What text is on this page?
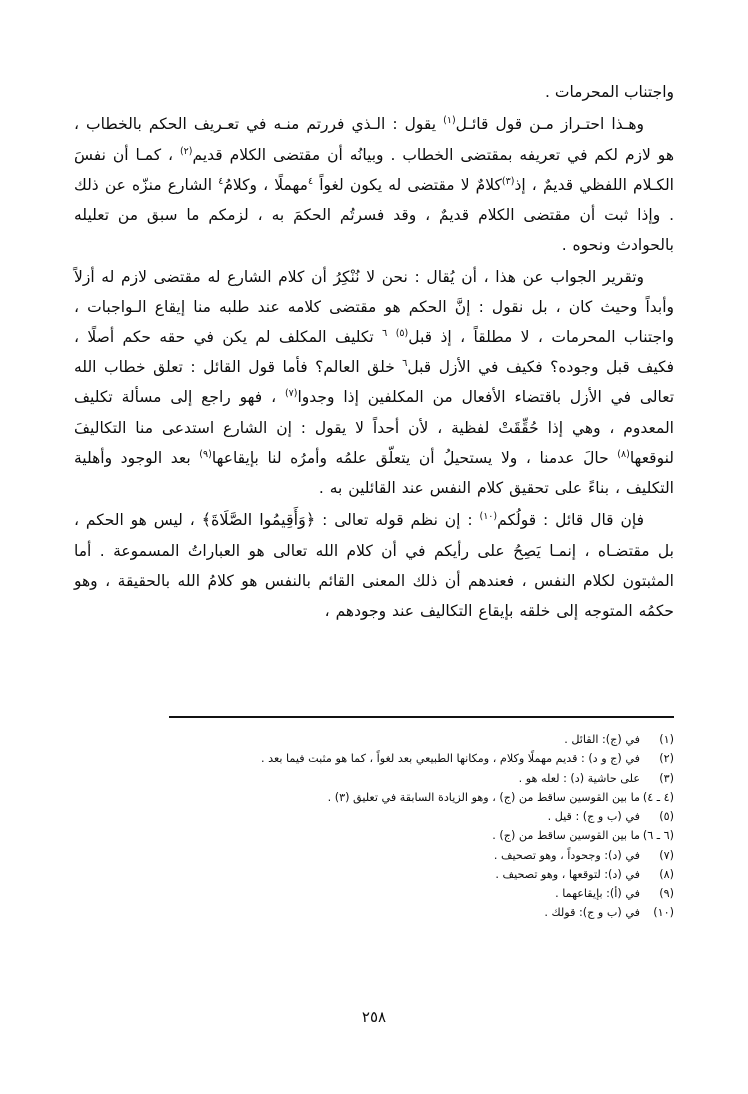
واجتناب المحرمات .

وهـذا احتـراز مـن قول قائـل$^{(١)}$ يقول : الـذي فررتم منـه في تعـريف الحكم بالخطاب ، هو لازم لكم في تعريفه بمقتضى الخطاب . وبيانُه أن مقتضى الكلام قديم$^{(٢)}$ ، كمـا أن نفسَ الكـلام اللفظي قديمٌ ، إذ$^{(٣)}$كلامٌ لا مقتضى له يكون لغواً $^٤$مهملًا ، وكلامُ$^٤$ الشارع منزّه عن ذلك . وإذا ثبت أن مقتضى الكلام قديمٌ ، وقد فسرتُم الحكمَ به ، لزمكم ما سبق من تعليله بالحوادث ونحوه .

وتقرير الجواب عن هذا ، أن يُقال : نحن لا نُنْكِرُ أن كلام الشارع له مقتضى لازم له أزلاً وأبداً وحيث كان ، بل نقول : إنَّ الحكم هو مقتضى كلامه عند طلبه منا إيقاع الـواجبات ، واجتناب المحرمات ، لا مطلقاً ، إذ قبل$^{(٥)}$ $^٦$ تكليف المكلف لم يكن في حقه حكم أصلًا ، فكيف قبل وجوده؟ فكيف في الأزل قبل$^٦$ خلق العالم؟ فأما قول القائل : تعلق خطاب الله تعالى في الأزل باقتضاء الأفعال من المكلفين إذا وجدوا$^{(٧)}$ ، فهو راجع إلى مسألة تكليف المعدوم ، وهي إذا حُقِّقَتْ لفظية ، لأن أحداً لا يقول : إن الشارع استدعى منا التكاليفَ لنوقعها$^{(٨)}$ حالَ عدمنا ، ولا يستحيلُ أن يتعلّق علمُه وأمرُه لنا بإيقاعها$^{(٩)}$ بعد الوجود وأهلية التكليف ، بناءً على تحقيق كلام النفس عند القائلين به .

فإن قال قائل : قولُكم$^{(١٠)}$ : إن نظم قوله تعالى : ﴿وَأَقِيمُوا الصَّلَاةَ﴾ ، ليس هو الحكم ، بل مقتضـاه ، إنمـا يَصِحُ على رأيكم في أن كلام الله تعالى هو العباراتُ المسموعة . أما المثبتون لكلام النفس ، فعندهم أن ذلك المعنى القائم بالنفس هو كلامُ الله بالحقيقة ، وهو حكمُه المتوجه إلى خلقه بإيقاع التكاليف عند وجودهم ،

(١)في (ج): القائل .

(٢)في (ج و د) : قديم مهملًا وكلام ، ومكانها الطبيعي بعد لغواً ، كما هو مثبت فيما بعد .

(٣)على حاشية (د) : لعله هو .

(٤ ـ ٤)ما بين القوسين ساقط من (ج) ، وهو الزيادة السابقة في تعليق (٣) .

(٥)في (ب و ج) : قيل .

(٦ ـ ٦)ما بين القوسين ساقط من (ج) .

(٧)في (د): وجحوداً ، وهو تصحيف .

(٨)في (د): لتوقعها ، وهو تصحيف .

(٩)في (أ): بإيقاعهما .

(١٠)في (ب و ج): قولك .

٢٥٨
